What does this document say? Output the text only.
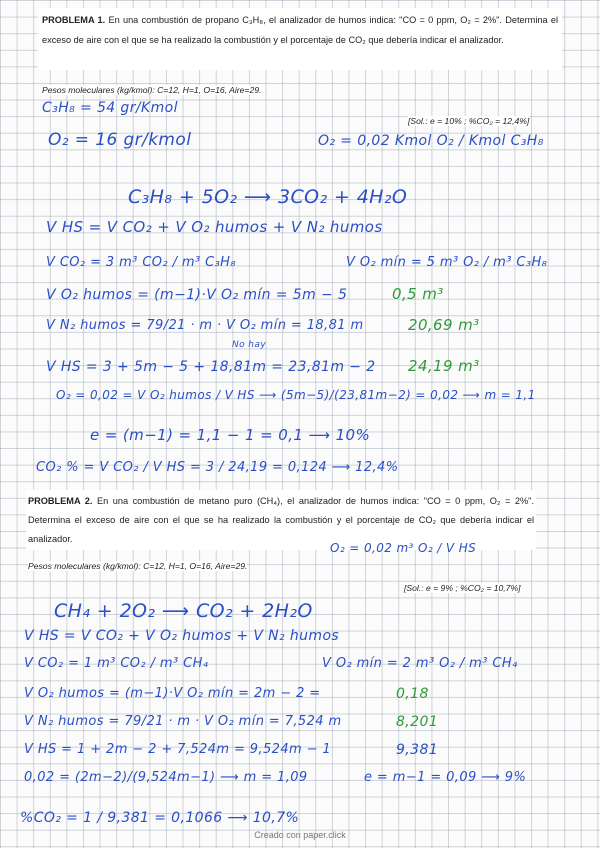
PROBLEMA 1. En una combustión de propano C₃H₈, el analizador de humos indica: "CO = 0 ppm, O₂ = 2%". Determina el exceso de aire con el que se ha realizado la combustión y el porcentaje de CO₂ que debería indicar el analizador.

Pesos moleculares (kg/kmol): C=12, H=1, O=16, Aire=29.
[Sol.: e = 10% ; %CO₂ = 12,4%]
C₃H₈ = 54 gr/Kmol
O₂ = 16 gr/kmol	O₂ = 0,02 Kmol O₂ / Kmol C₃H₈
C₃H₈ + 5O₂ ⟶ 3CO₂ + 4H₂O
V HS = V CO₂ + V O₂ humos + V N₂ humos
V CO₂ = 3 m³ CO₂ / m³ C₃H₈	V O₂ mín = 5 m³ O₂ / m³ C₃H₈
V O₂ humos = (m−1)·V O₂ mín = 5m − 5	0,5 m³
V N₂ humos = 79/21 · m · V O₂ mín = 18,81 m	20,69 m³
No hay
V HS = 3 + 5m − 5 + 18,81m = 23,81m − 2 24,19 m³
O₂ = 0,02 = V O₂ humos / V HS ⟶ (5m−5)/(23,81m−2) = 0,02 ⟶ m = 1,1
e = (m−1) = 1,1 − 1 = 0,1 ⟶ 10%
CO₂ % = V CO₂ / V HS = 3 / 24,19 = 0,124 ⟶ 12,4%

PROBLEMA 2. En una combustión de metano puro (CH₄), el analizador de humos indica: "CO = 0 ppm, O₂ = 2%". Determina el exceso de aire con el que se ha realizado la combustión y el porcentaje de CO₂ que debería indicar el analizador.

Pesos moleculares (kg/kmol): C=12, H=1, O=16, Aire=29.
[Sol.: e = 9% ; %CO₂ = 10,7%]
O₂ = 0,02 m³ O₂ / V HS
CH₄ + 2O₂ ⟶ CO₂ + 2H₂O
V HS = V CO₂ + V O₂ humos + V N₂ humos
V CO₂ = 1 m³ CO₂ / m³ CH₄	V O₂ mín = 2 m³ O₂ / m³ CH₄
V O₂ humos = (m−1)·V O₂ mín = 2m − 2 =	0,18
V N₂ humos = 79/21 · m · V O₂ mín = 7,524 m	8,201
V HS = 1 + 2m − 2 + 7,524m = 9,524m − 1	9,381
0,02 = (2m−2)/(9,524m−1) ⟶ m = 1,09	e = m−1 = 0,09 ⟶ 9%
%CO₂ = 1 / 9,381 = 0,1066 ⟶ 10,7%
Creado con paper.click
